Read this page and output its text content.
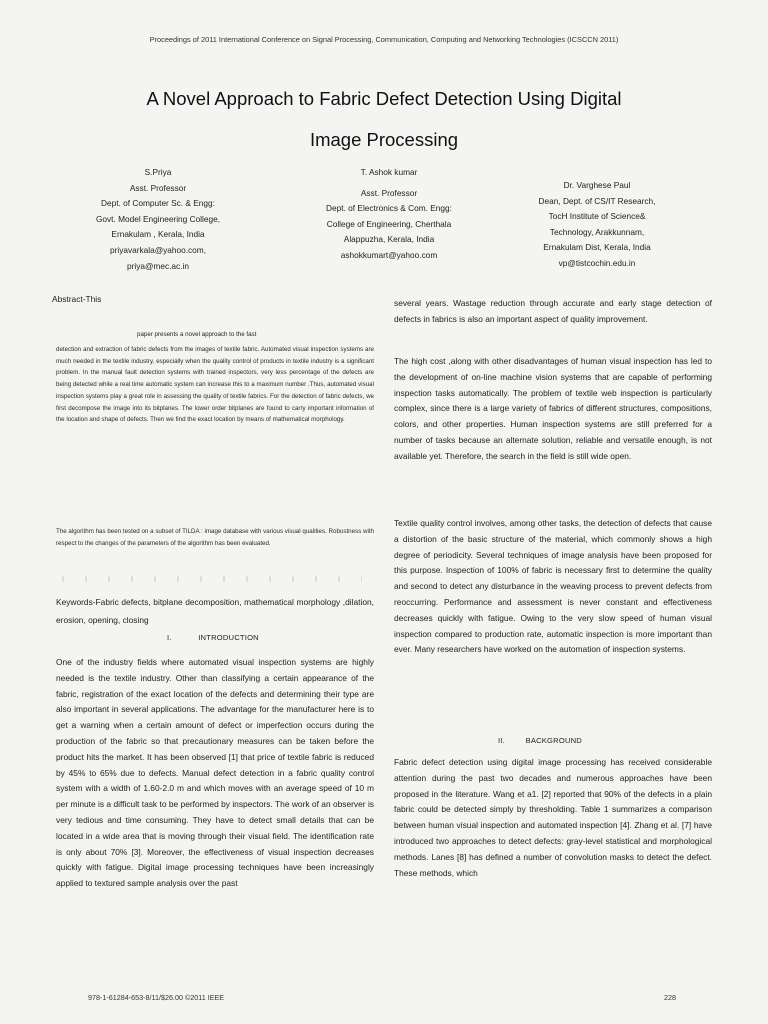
Proceedings of 2011 International Conference on Signal Processing, Communication, Computing and Networking Technologies (ICSCCN 2011)
A Novel Approach to Fabric Defect Detection Using Digital
Image Processing
S.Priya
Asst. Professor
Dept. of Computer Sc. & Engg:
Govt. Model Engineering College,
Ernakulam , Kerala, India
priyavarkala@yahoo.com,
priya@mec.ac.in
T. Ashok kumar
Asst. Professor
Dept. of Electronics & Com. Engg:
College of Engineering, Cherthala
Alappuzha, Kerala, India
ashokkumart@yahoo.com
Dr. Varghese Paul
Dean, Dept. of CS/IT Research,
TocH Institute of Science&
Technology, Arakkunnam,
Ernakulam Dist, Kerala, India
vp@tistcochin.edu.in
Abstract-This
paper presents a novel approach to the fast

detection and extraction of fabric defects from the images of textile fabric. Automated visual inspection systems are much needed in the textile industry, especially when the quality control of products in textile industry is a significant problem. In the manual fault detection systems with trained inspectors, very less percentage of the defects are being detected while a real time automatic system can increase this to a maximum number .Thus, automated visual inspection systems play a great role in assessing the quality of textile fabrics. For the detection of fabric defects, we first decompose the image into its bitplanes. The lower order bitplanes are found to carry important information of the location and shape of defects. Then we find the exact location by means of mathematical morphology.

The algorithm has been tested on a subset of TILDA : image database with various visual qualities. Robustness with respect to the changes of the parameters of the algorithm has been evaluated.

Keywords-Fabric defects, bitplane decomposition, mathematical morphology ,dilation, erosion, opening, closing
I.	INTRODUCTION

One of the industry fields where automated visual inspection systems are highly needed is the textile industry. Other than classifying a certain appearance of the fabric, registration of the exact location of the defects and determining their type are also important in several applications. The advantage for the manufacturer here is to get a warning when a certain amount of defect or imperfection occurs during the production of the fabric so that precautionary measures can be taken before the product hits the market. It has been observed [1] that price of textile fabric is reduced by 45% to 65% due to defects. Manual defect detection in a fabric quality control system with a width of 1.60-2.0 m and which moves with an average speed of 10 m per minute is a difficult task to be performed by inspectors. The work of an observer is very tedious and time consuming. They have to detect small details that can be located in a wide area that is moving through their visual field. The identification rate is only about 70% [3]. Moreover, the effectiveness of visual inspection decreases quickly with fatigue. Digital image processing techniques have been increasingly applied to textured sample analysis over the past

several years. Wastage reduction through accurate and early stage detection of defects in fabrics is also an important aspect of quality improvement.

The high cost ,along with other disadvantages of human visual inspection has led to the development of on-line machine vision systems that are capable of performing inspection tasks automatically. The problem of textile web inspection is particularly complex, since there is a large variety of fabrics of different structures, compositions, colors, and other properties. Human inspection systems are still preferred for a number of tasks because an alternate solution, reliable and versatile enough, is not available yet. Therefore, the search in the field is still wide open.

Textile quality control involves, among other tasks, the detection of defects that cause a distortion of the basic structure of the material, which commonly shows a high degree of periodicity. Several techniques of image analysis have been proposed for this purpose. Inspection of 100% of fabric is necessary first to determine the quality and second to detect any disturbance in the weaving process to prevent defects from reoccurring. Performance and assessment is never constant and effectiveness decreases quickly with fatigue. Owing to the very slow speed of human visual inspection compared to production rate, automatic inspection is more important than ever. Many researchers have worked on the automation of inspection systems.

II.	BACKGROUND

Fabric defect detection using digital image processing has received considerable attention during the past two decades and numerous approaches have been proposed in the literature. Wang et a1. [2] reported that 90% of the defects in a plain fabric could be detected simply by thresholding. Table 1 summarizes a comparison between human visual inspection and automated inspection [4]. Zhang et al. [7] have introduced two approaches to detect defects: gray-level statistical and morphological methods. Lanes [8] has defined a number of convolution masks to detect the defect. These methods, which

978-1-61284-653-8/11/$26.00 ©2011 IEEE	228
